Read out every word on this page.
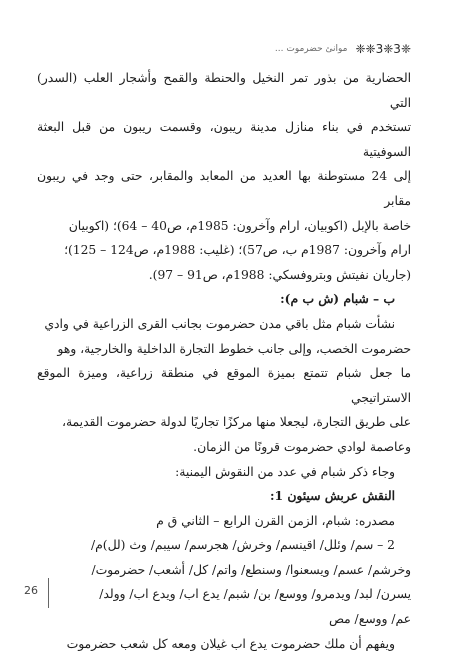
❈3❈3❈❈
موانئ حضرموت ...

الحضارية من بذور تمر النخيل والحنطة والقمح وأشجار العلب (السدر) التي

تستخدم في بناء منازل مدينة ريبون، وقسمت ريبون من قبل البعثة السوفيتية

إلى 24 مستوطنة بها العديد من المعابد والمقابر، حتى وجد في ريبون مقابر

خاصة بالإبل (اكوبيان، ارام وآخرون: 1985م، ص40 – 64)؛ (اكوبيان

ارام وآخرون: 1987م ب، ص57)؛ (غليب: 1988م، ص124 – 125)؛

(جاريان نفيتش وبتروفسكي: 1988م، ص91 – 97).

ب – شبام (ش ب م):

نشأت شبام مثل باقي مدن حضرموت بجانب القرى الزراعية في وادي

حضرموت الخصب، وإلى جانب خطوط التجارة الداخلية والخارجية، وهو

ما جعل شبام تتمتع بميزة الموقع في منطقة زراعية، وميزة الموقع الاستراتيجي

على طريق التجارة، ليجعلا منها مركزًا تجاريًا لدولة حضرموت القديمة،

وعاصمة لوادي حضرموت قرونًا من الزمان.

وجاء ذكر شبام في عدد من النقوش اليمنية:

النقش عربش سيئون 1:

مصدره: شبام، الزمن القرن الرابع – الثاني ق م

2 – سم/ وئلل/ اقينسم/ وخرش/ هجرسم/ سيبم/ وث (لل)م/

وخرشم/ عسم/ ويسعنوا/ وسنطع/ واتم/ كل/ أشعب/ حضرموت/

يسرن/ لبد/ ويدمرو/ ووسع/ بن/ شبم/ يدع اب/ ويدع اب/ وولد/

عم/ ووسع/ مص

ويفهم أن ملك حضرموت يدع اب غيلان ومعه كل شعب حضرموت

26
